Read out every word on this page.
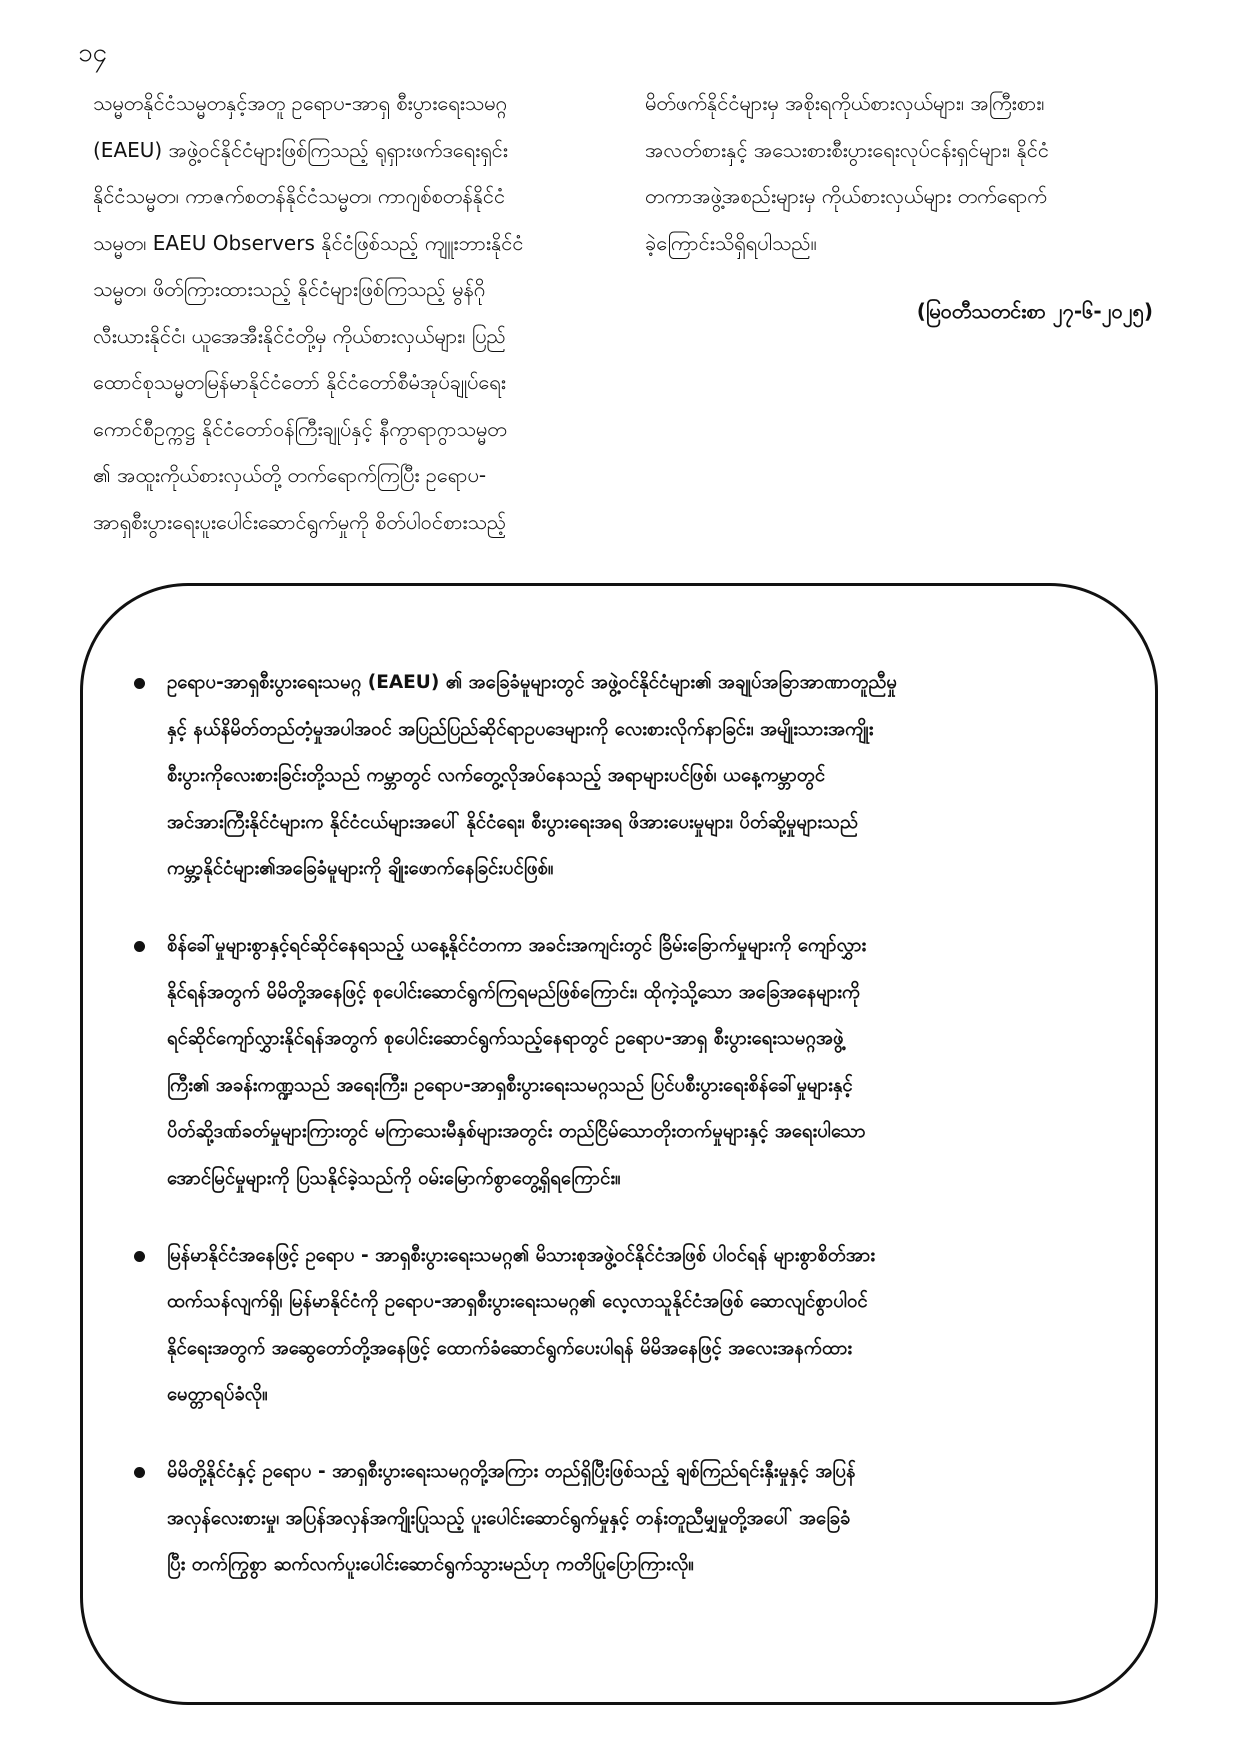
၁၄
သမ္မတနိုင်ငံသမ္မတနှင့်အတူ ဥရောပ-အာရှ စီးပွားရေးသမဂ္ဂ
(EAEU) အဖွဲ့ဝင်နိုင်ငံများဖြစ်ကြသည့် ရုရှားဖက်ဒရေးရှင်း
နိုင်ငံသမ္မတ၊ ကာဇက်စတန်နိုင်ငံသမ္မတ၊ ကာဂျစ်စတန်နိုင်ငံ
သမ္မတ၊ EAEU Observers နိုင်ငံဖြစ်သည့် ကျူးဘားနိုင်ငံ
သမ္မတ၊ ဖိတ်ကြားထားသည့် နိုင်ငံများဖြစ်ကြသည့် မွန်ဂို
လီးယားနိုင်ငံ၊ ယူအေအီးနိုင်ငံတို့မှ ကိုယ်စားလှယ်များ၊ ပြည်
ထောင်စုသမ္မတမြန်မာနိုင်ငံတော် နိုင်ငံတော်စီမံအုပ်ချုပ်ရေး
ကောင်စီဥက္ကဋ္ဌ နိုင်ငံတော်ဝန်ကြီးချုပ်နှင့် နီကွာရာဂွာသမ္မတ
၏ အထူးကိုယ်စားလှယ်တို့ တက်ရောက်ကြပြီး ဥရောပ-
အာရှစီးပွားရေးပူးပေါင်းဆောင်ရွက်မှုကို စိတ်ပါဝင်စားသည့်
မိတ်ဖက်နိုင်ငံများမှ အစိုးရကိုယ်စားလှယ်များ၊ အကြီးစား၊
အလတ်စားနှင့် အသေးစားစီးပွားရေးလုပ်ငန်းရှင်များ၊ နိုင်ငံ
တကာအဖွဲ့အစည်းများမှ ကိုယ်စားလှယ်များ တက်ရောက်
ခဲ့ကြောင်းသိရှိရပါသည်။
(မြဝတီသတင်းစာ ၂၇-၆-၂၀၂၅)
ဥရောပ-အာရှစီးပွားရေးသမဂ္ဂ (EAEU) ၏ အခြေခံမူများတွင် အဖွဲ့ဝင်နိုင်ငံများ၏ အချုပ်အခြာအာဏာတူညီမှု
နှင့် နယ်နိမိတ်တည်တံ့မှုအပါအဝင် အပြည်ပြည်ဆိုင်ရာဥပဒေများကို လေးစားလိုက်နာခြင်း၊ အမျိုးသားအကျိုး
စီးပွားကိုလေးစားခြင်းတို့သည် ကမ္ဘာတွင် လက်တွေ့လိုအပ်နေသည့် အရာများပင်ဖြစ်၊ ယနေ့ကမ္ဘာတွင်
အင်အားကြီးနိုင်ငံများက နိုင်ငံငယ်များအပေါ် နိုင်ငံရေး၊ စီးပွားရေးအရ ဖိအားပေးမှုများ၊ ပိတ်ဆို့မှုများသည်
ကမ္ဘာ့နိုင်ငံများ၏အခြေခံမူများကို ချိုးဖောက်နေခြင်းပင်ဖြစ်။
စိန်ခေါ်မှုများစွာနှင့်ရင်ဆိုင်နေရသည့် ယနေ့နိုင်ငံတကာ အခင်းအကျင်းတွင် ခြိမ်းခြောက်မှုများကို ကျော်လွှား
နိုင်ရန်အတွက် မိမိတို့အနေဖြင့် စုပေါင်းဆောင်ရွက်ကြရမည်ဖြစ်ကြောင်း၊ ထိုကဲ့သို့သော အခြေအနေများကို
ရင်ဆိုင်ကျော်လွှားနိုင်ရန်အတွက် စုပေါင်းဆောင်ရွက်သည့်နေရာတွင် ဥရောပ-အာရှ စီးပွားရေးသမဂ္ဂအဖွဲ့
ကြီး၏ အခန်းကဏ္ဍသည် အရေးကြီး၊ ဥရောပ-အာရှစီးပွားရေးသမဂ္ဂသည် ပြင်ပစီးပွားရေးစိန်ခေါ်မှုများနှင့်
ပိတ်ဆို့ဒဏ်ခတ်မှုများကြားတွင် မကြာသေးမီနှစ်များအတွင်း တည်ငြိမ်သောတိုးတက်မှုများနှင့် အရေးပါသော
အောင်မြင်မှုများကို ပြသနိုင်ခဲ့သည်ကို ဝမ်းမြောက်စွာတွေ့ရှိရကြောင်း။
မြန်မာနိုင်ငံအနေဖြင့် ဥရောပ - အာရှစီးပွားရေးသမဂ္ဂ၏ မိသားစုအဖွဲ့ဝင်နိုင်ငံအဖြစ် ပါဝင်ရန် များစွာစိတ်အား
ထက်သန်လျက်ရှိ၊ မြန်မာနိုင်ငံကို ဥရောပ-အာရှစီးပွားရေးသမဂ္ဂ၏ လေ့လာသူနိုင်ငံအဖြစ် ဆောလျင်စွာပါဝင်
နိုင်ရေးအတွက် အဆွေတော်တို့အနေဖြင့် ထောက်ခံဆောင်ရွက်ပေးပါရန် မိမိအနေဖြင့် အလေးအနက်ထား
မေတ္တာရပ်ခံလို။
မိမိတို့နိုင်ငံနှင့် ဥရောပ - အာရှစီးပွားရေးသမဂ္ဂတို့အကြား တည်ရှိပြီးဖြစ်သည့် ချစ်ကြည်ရင်းနှီးမှုနှင့် အပြန်
အလှန်လေးစားမှု၊ အပြန်အလှန်အကျိုးပြုသည့် ပူးပေါင်းဆောင်ရွက်မှုနှင့် တန်းတူညီမျှမှုတို့အပေါ် အခြေခံ
ပြီး တက်ကြွစွာ ဆက်လက်ပူးပေါင်းဆောင်ရွက်သွားမည်ဟု ကတိပြုပြောကြားလို။
